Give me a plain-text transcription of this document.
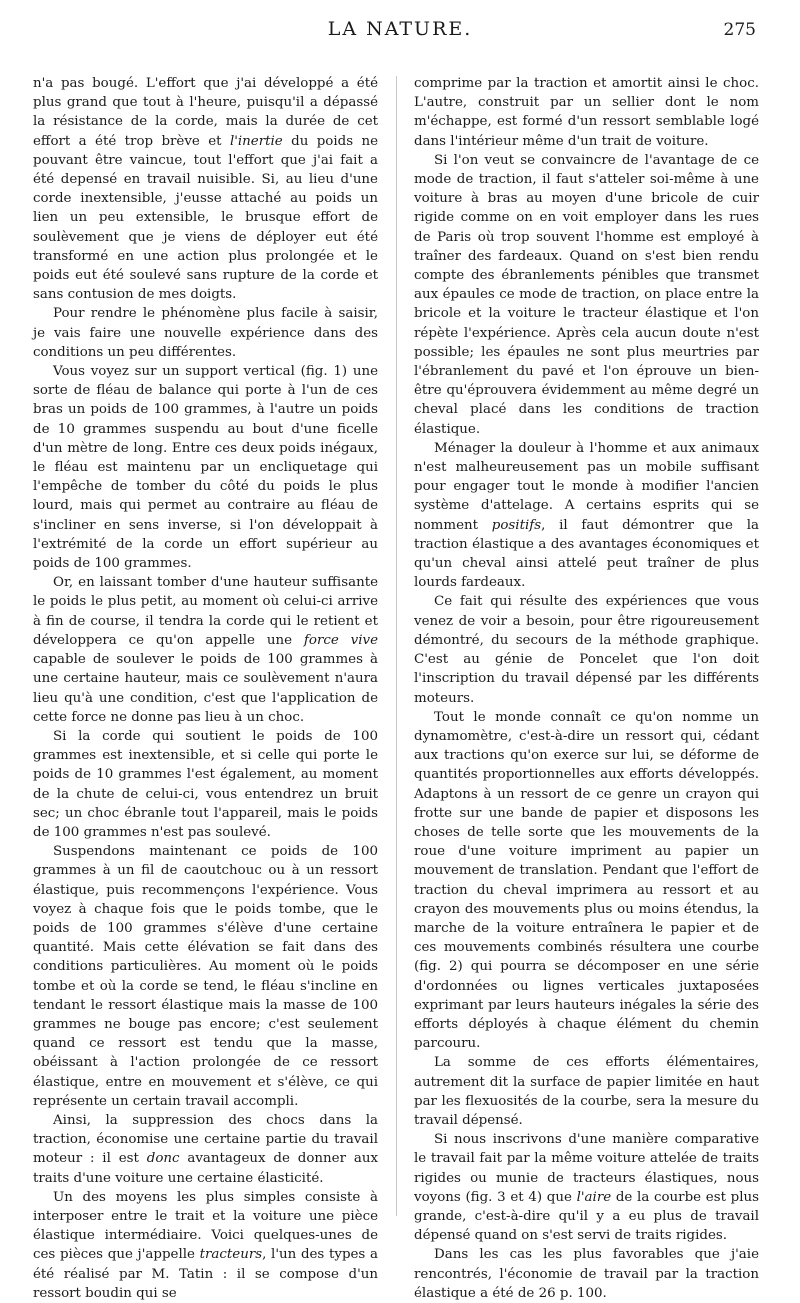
LA NATURE.	275

n'a pas bougé. L'effort que j'ai développé a été plus grand que tout à l'heure, puisqu'il a dépassé la résistance de la corde, mais la durée de cet effort a été trop brève et l'inertie du poids ne pouvant être vaincue, tout l'effort que j'ai fait a été depensé en travail nuisible. Si, au lieu d'une corde inextensible, j'eusse attaché au poids un lien un peu extensible, le brusque effort de soulèvement que je viens de déployer eut été transformé en une action plus prolongée et le poids eut été soulevé sans rupture de la corde et sans contusion de mes doigts.

Pour rendre le phénomène plus facile à saisir, je vais faire une nouvelle expérience dans des conditions un peu différentes.

Vous voyez sur un support vertical (fig. 1) une sorte de fléau de balance qui porte à l'un de ces bras un poids de 100 grammes, à l'autre un poids de 10 grammes suspendu au bout d'une ficelle d'un mètre de long. Entre ces deux poids inégaux, le fléau est maintenu par un encliquetage qui l'empêche de tomber du côté du poids le plus lourd, mais qui permet au contraire au fléau de s'incliner en sens inverse, si l'on développait à l'extrémité de la corde un effort supérieur au poids de 100 grammes.

Or, en laissant tomber d'une hauteur suffisante le poids le plus petit, au moment où celui-ci arrive à fin de course, il tendra la corde qui le retient et développera ce qu'on appelle une force vive capable de soulever le poids de 100 grammes à une certaine hauteur, mais ce soulèvement n'aura lieu qu'à une condition, c'est que l'application de cette force ne donne pas lieu à un choc.

Si la corde qui soutient le poids de 100 grammes est inextensible, et si celle qui porte le poids de 10 grammes l'est également, au moment de la chute de celui-ci, vous entendrez un bruit sec; un choc ébranle tout l'appareil, mais le poids de 100 grammes n'est pas soulevé.

Suspendons maintenant ce poids de 100 grammes à un fil de caoutchouc ou à un ressort élastique, puis recommençons l'expérience. Vous voyez à chaque fois que le poids tombe, que le poids de 100 grammes s'élève d'une certaine quantité. Mais cette élévation se fait dans des conditions particulières. Au moment où le poids tombe et où la corde se tend, le fléau s'incline en tendant le ressort élastique mais la masse de 100 grammes ne bouge pas encore; c'est seulement quand ce ressort est tendu que la masse, obéissant à l'action prolongée de ce ressort élastique, entre en mouvement et s'élève, ce qui représente un certain travail accompli.

Ainsi, la suppression des chocs dans la traction, économise une certaine partie du travail moteur : il est donc avantageux de donner aux traits d'une voiture une certaine élasticité.

Un des moyens les plus simples consiste à interposer entre le trait et la voiture une pièce élastique intermédiaire. Voici quelques-unes de ces pièces que j'appelle tracteurs, l'un des types a été réalisé par M. Tatin : il se compose d'un ressort boudin qui se

comprime par la traction et amortit ainsi le choc. L'autre, construit par un sellier dont le nom m'échappe, est formé d'un ressort semblable logé dans l'intérieur même d'un trait de voiture.

Si l'on veut se convaincre de l'avantage de ce mode de traction, il faut s'atteler soi-même à une voiture à bras au moyen d'une bricole de cuir rigide comme on en voit employer dans les rues de Paris où trop souvent l'homme est employé à traîner des fardeaux. Quand on s'est bien rendu compte des ébranlements pénibles que transmet aux épaules ce mode de traction, on place entre la bricole et la voiture le tracteur élastique et l'on répète l'expérience. Après cela aucun doute n'est possible; les épaules ne sont plus meurtries par l'ébranlement du pavé et l'on éprouve un bien-être qu'éprouvera évidemment au même degré un cheval placé dans les conditions de traction élastique.

Ménager la douleur à l'homme et aux animaux n'est malheureusement pas un mobile suffisant pour engager tout le monde à modifier l'ancien système d'attelage. A certains esprits qui se nomment positifs, il faut démontrer que la traction élastique a des avantages économiques et qu'un cheval ainsi attelé peut traîner de plus lourds fardeaux.

Ce fait qui résulte des expériences que vous venez de voir a besoin, pour être rigoureusement démontré, du secours de la méthode graphique. C'est au génie de Poncelet que l'on doit l'inscription du travail dépensé par les différents moteurs.

Tout le monde connaît ce qu'on nomme un dynamomètre, c'est-à-dire un ressort qui, cédant aux tractions qu'on exerce sur lui, se déforme de quantités proportionnelles aux efforts développés. Adaptons à un ressort de ce genre un crayon qui frotte sur une bande de papier et disposons les choses de telle sorte que les mouvements de la roue d'une voiture impriment au papier un mouvement de translation. Pendant que l'effort de traction du cheval imprimera au ressort et au crayon des mouvements plus ou moins étendus, la marche de la voiture entraînera le papier et de ces mouvements combinés résultera une courbe (fig. 2) qui pourra se décomposer en une série d'ordonnées ou lignes verticales juxtaposées exprimant par leurs hauteurs inégales la série des efforts déployés à chaque élément du chemin parcouru.

La somme de ces efforts élémentaires, autrement dit la surface de papier limitée en haut par les flexuosités de la courbe, sera la mesure du travail dépensé.

Si nous inscrivons d'une manière comparative le travail fait par la même voiture attelée de traits rigides ou munie de tracteurs élastiques, nous voyons (fig. 3 et 4) que l'aire de la courbe est plus grande, c'est-à-dire qu'il y a eu plus de travail dépensé quand on s'est servi de traits rigides.

Dans les cas les plus favorables que j'aie rencontrés, l'économie de travail par la traction élastique a été de 26 p. 100.
